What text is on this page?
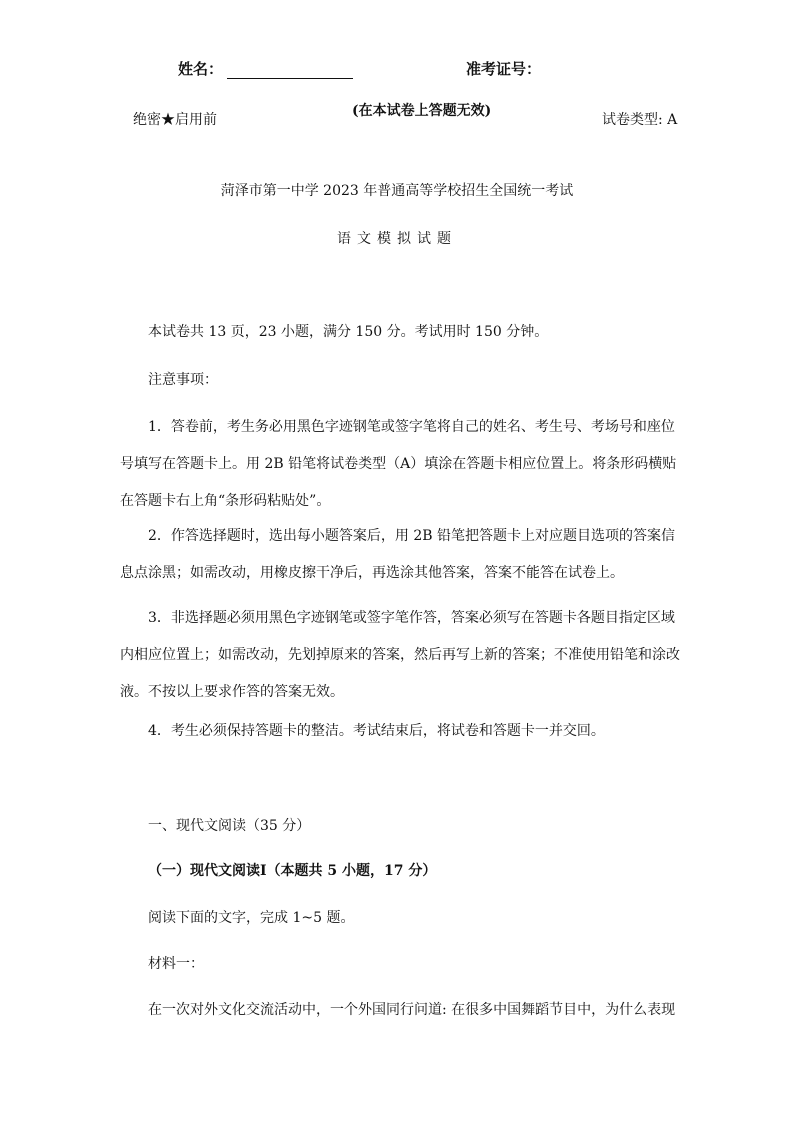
姓名：	准考证号：
绝密★启用前
(在本试卷上答题无效)
试卷类型: A
菏泽市第一中学 2023 年普通高等学校招生全国统一考试
语文模拟试题
本试卷共 13 页，23 小题，满分 150 分。考试用时 150 分钟。
注意事项：
1．答卷前，考生务必用黑色字迹钢笔或签字笔将自己的姓名、考生号、考场号和座位号填写在答题卡上。用 2B 铅笔将试卷类型（A）填涂在答题卡相应位置上。将条形码横贴在答题卡右上角“条形码粘贴处”。
2．作答选择题时，选出每小题答案后，用 2B 铅笔把答题卡上对应题目选项的答案信息点涂黑；如需改动，用橡皮擦干净后，再选涂其他答案，答案不能答在试卷上。
3．非选择题必须用黑色字迹钢笔或签字笔作答，答案必须写在答题卡各题目指定区域内相应位置上；如需改动，先划掉原来的答案，然后再写上新的答案；不准使用铅笔和涂改液。不按以上要求作答的答案无效。
4．考生必须保持答题卡的整洁。考试结束后，将试卷和答题卡一并交回。
一、现代文阅读（35 分）
（一）现代文阅读Ⅰ（本题共 5 小题，17 分）
阅读下面的文字，完成 1~5 题。
材料一：
在一次对外文化交流活动中，一个外国同行问道: 在很多中国舞蹈节目中，为什么表现
